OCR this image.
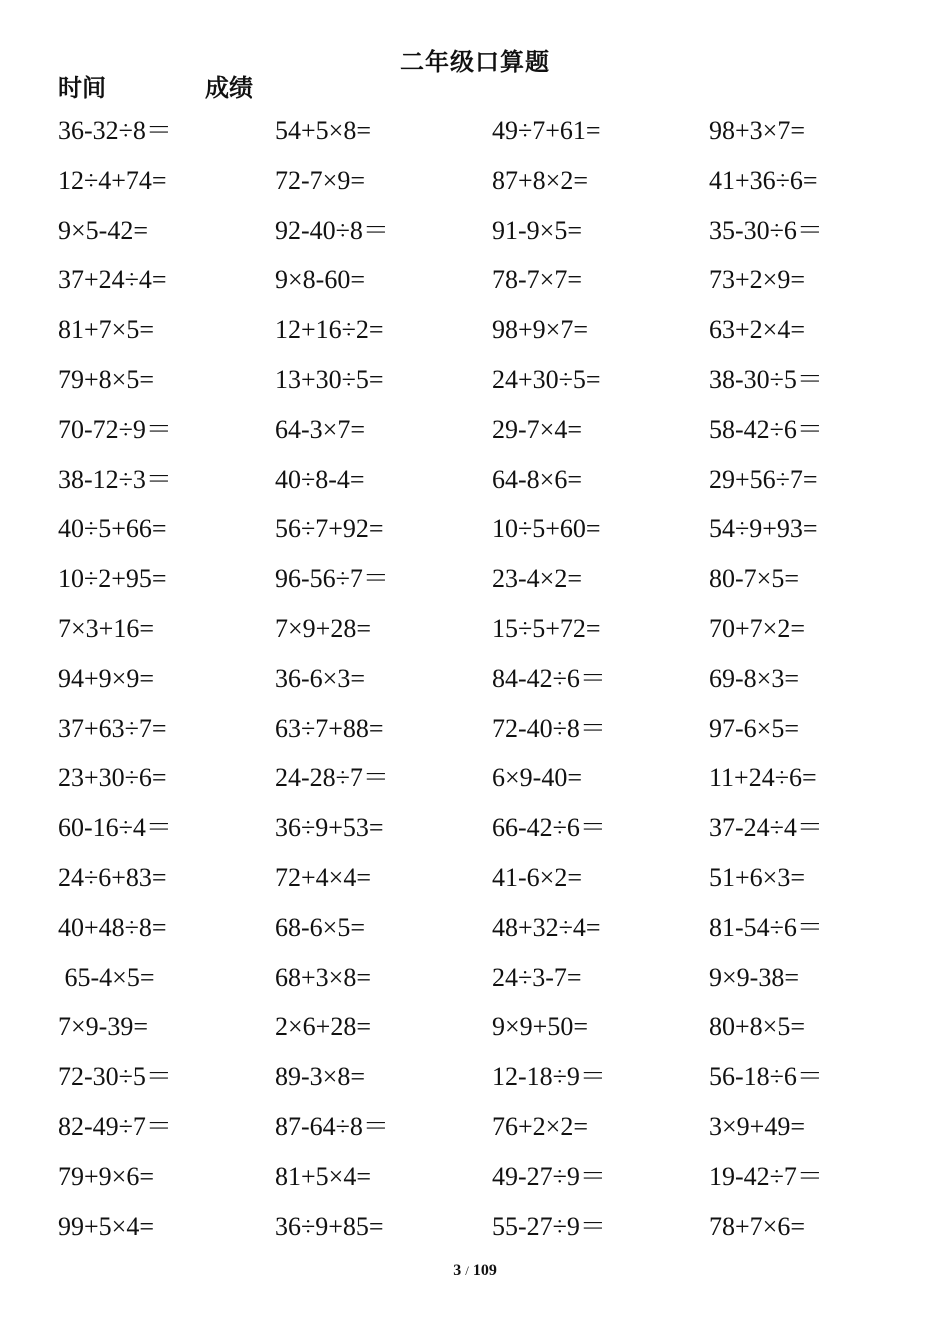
二年级口算题
时间	成绩
36-32÷8＝	54+5×8=	49÷7+61=	98+3×7=
12÷4+74=	72-7×9=	87+8×2=	41+36÷6=
9×5-42=	92-40÷8＝	91-9×5=	35-30÷6＝
37+24÷4=	9×8-60=	78-7×7=	73+2×9=
81+7×5=	12+16÷2=	98+9×7=	63+2×4=
79+8×5=	13+30÷5=	24+30÷5=	38-30÷5＝
70-72÷9＝	64-3×7=	29-7×4=	58-42÷6＝
38-12÷3＝	40÷8-4=	64-8×6=	29+56÷7=
40÷5+66=	56÷7+92=	10÷5+60=	54÷9+93=
10÷2+95=	96-56÷7＝	23-4×2=	80-7×5=
7×3+16=	7×9+28=	15÷5+72=	70+7×2=
94+9×9=	36-6×3=	84-42÷6＝	69-8×3=
37+63÷7=	63÷7+88=	72-40÷8＝	97-6×5=
23+30÷6=	24-28÷7＝	6×9-40=	11+24÷6=
60-16÷4＝	36÷9+53=	66-42÷6＝	37-24÷4＝
24÷6+83=	72+4×4=	41-6×2=	51+6×3=
40+48÷8=	68-6×5=	48+32÷4=	81-54÷6＝
65-4×5=	68+3×8=	24÷3-7=	9×9-38=
7×9-39=	2×6+28=	9×9+50=	80+8×5=
72-30÷5＝	89-3×8=	12-18÷9＝	56-18÷6＝
82-49÷7＝	87-64÷8＝	76+2×2=	3×9+49=
79+9×6=	81+5×4=	49-27÷9＝	19-42÷7＝
99+5×4=	36÷9+85=	55-27÷9＝	78+7×6=
3 / 109
